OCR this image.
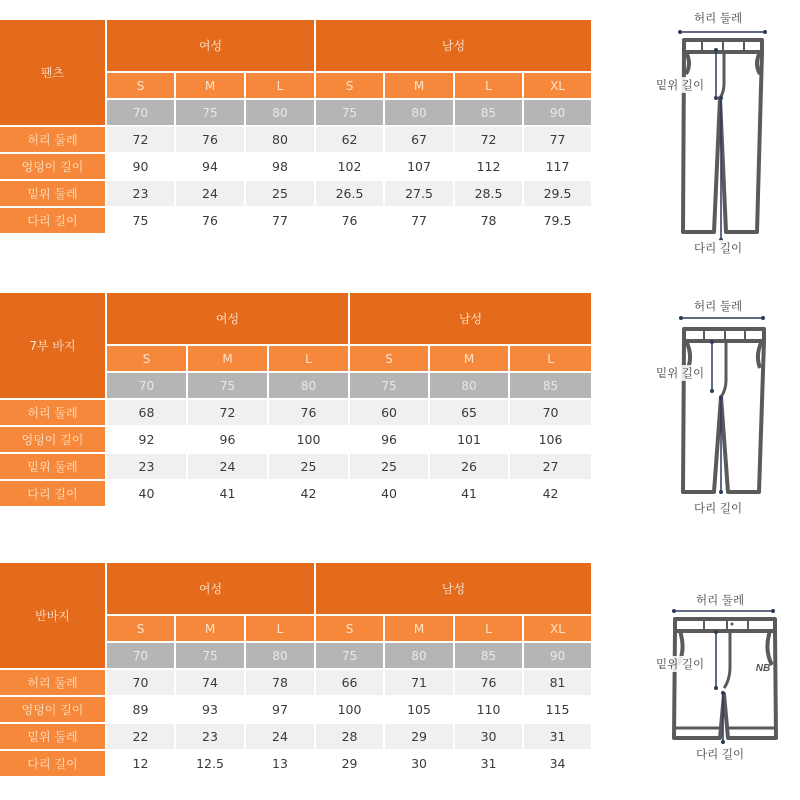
팬츠	여성			남성			
	S	M	L	S	M	L	XL
	70	75	80	75	80	85	90
허리 둘레	72	76	80	62	67	72	77
엉덩이 길이	90	94	98	102	107	112	117
밑위 둘레	23	24	25	26.5	27.5	28.5	29.5
다리 길이	75	76	77	76	77	78	79.5
7부 바지	여성			남성		
	S	M	L	S	M	L
	70	75	80	75	80	85
허리 둘레	68	72	76	60	65	70
엉덩이 길이	92	96	100	96	101	106
밑위 둘레	23	24	25	25	26	27
다리 길이	40	41	42	40	41	42
반바지	여성			남성			
	S	M	L	S	M	L	XL
	70	75	80	75	80	85	90
허리 둘레	70	74	78	66	71	76	81
엉덩이 길이	89	93	97	100	105	110	115
밑위 둘레	22	23	24	28	29	30	31
다리 길이	12	12.5	13	29	30	31	34
허리 둘레
밑위 길이
다리 길이
허리 둘레
밑위 길이
다리 길이
NB
허리 둘레
밑위 길이
다리 길이
